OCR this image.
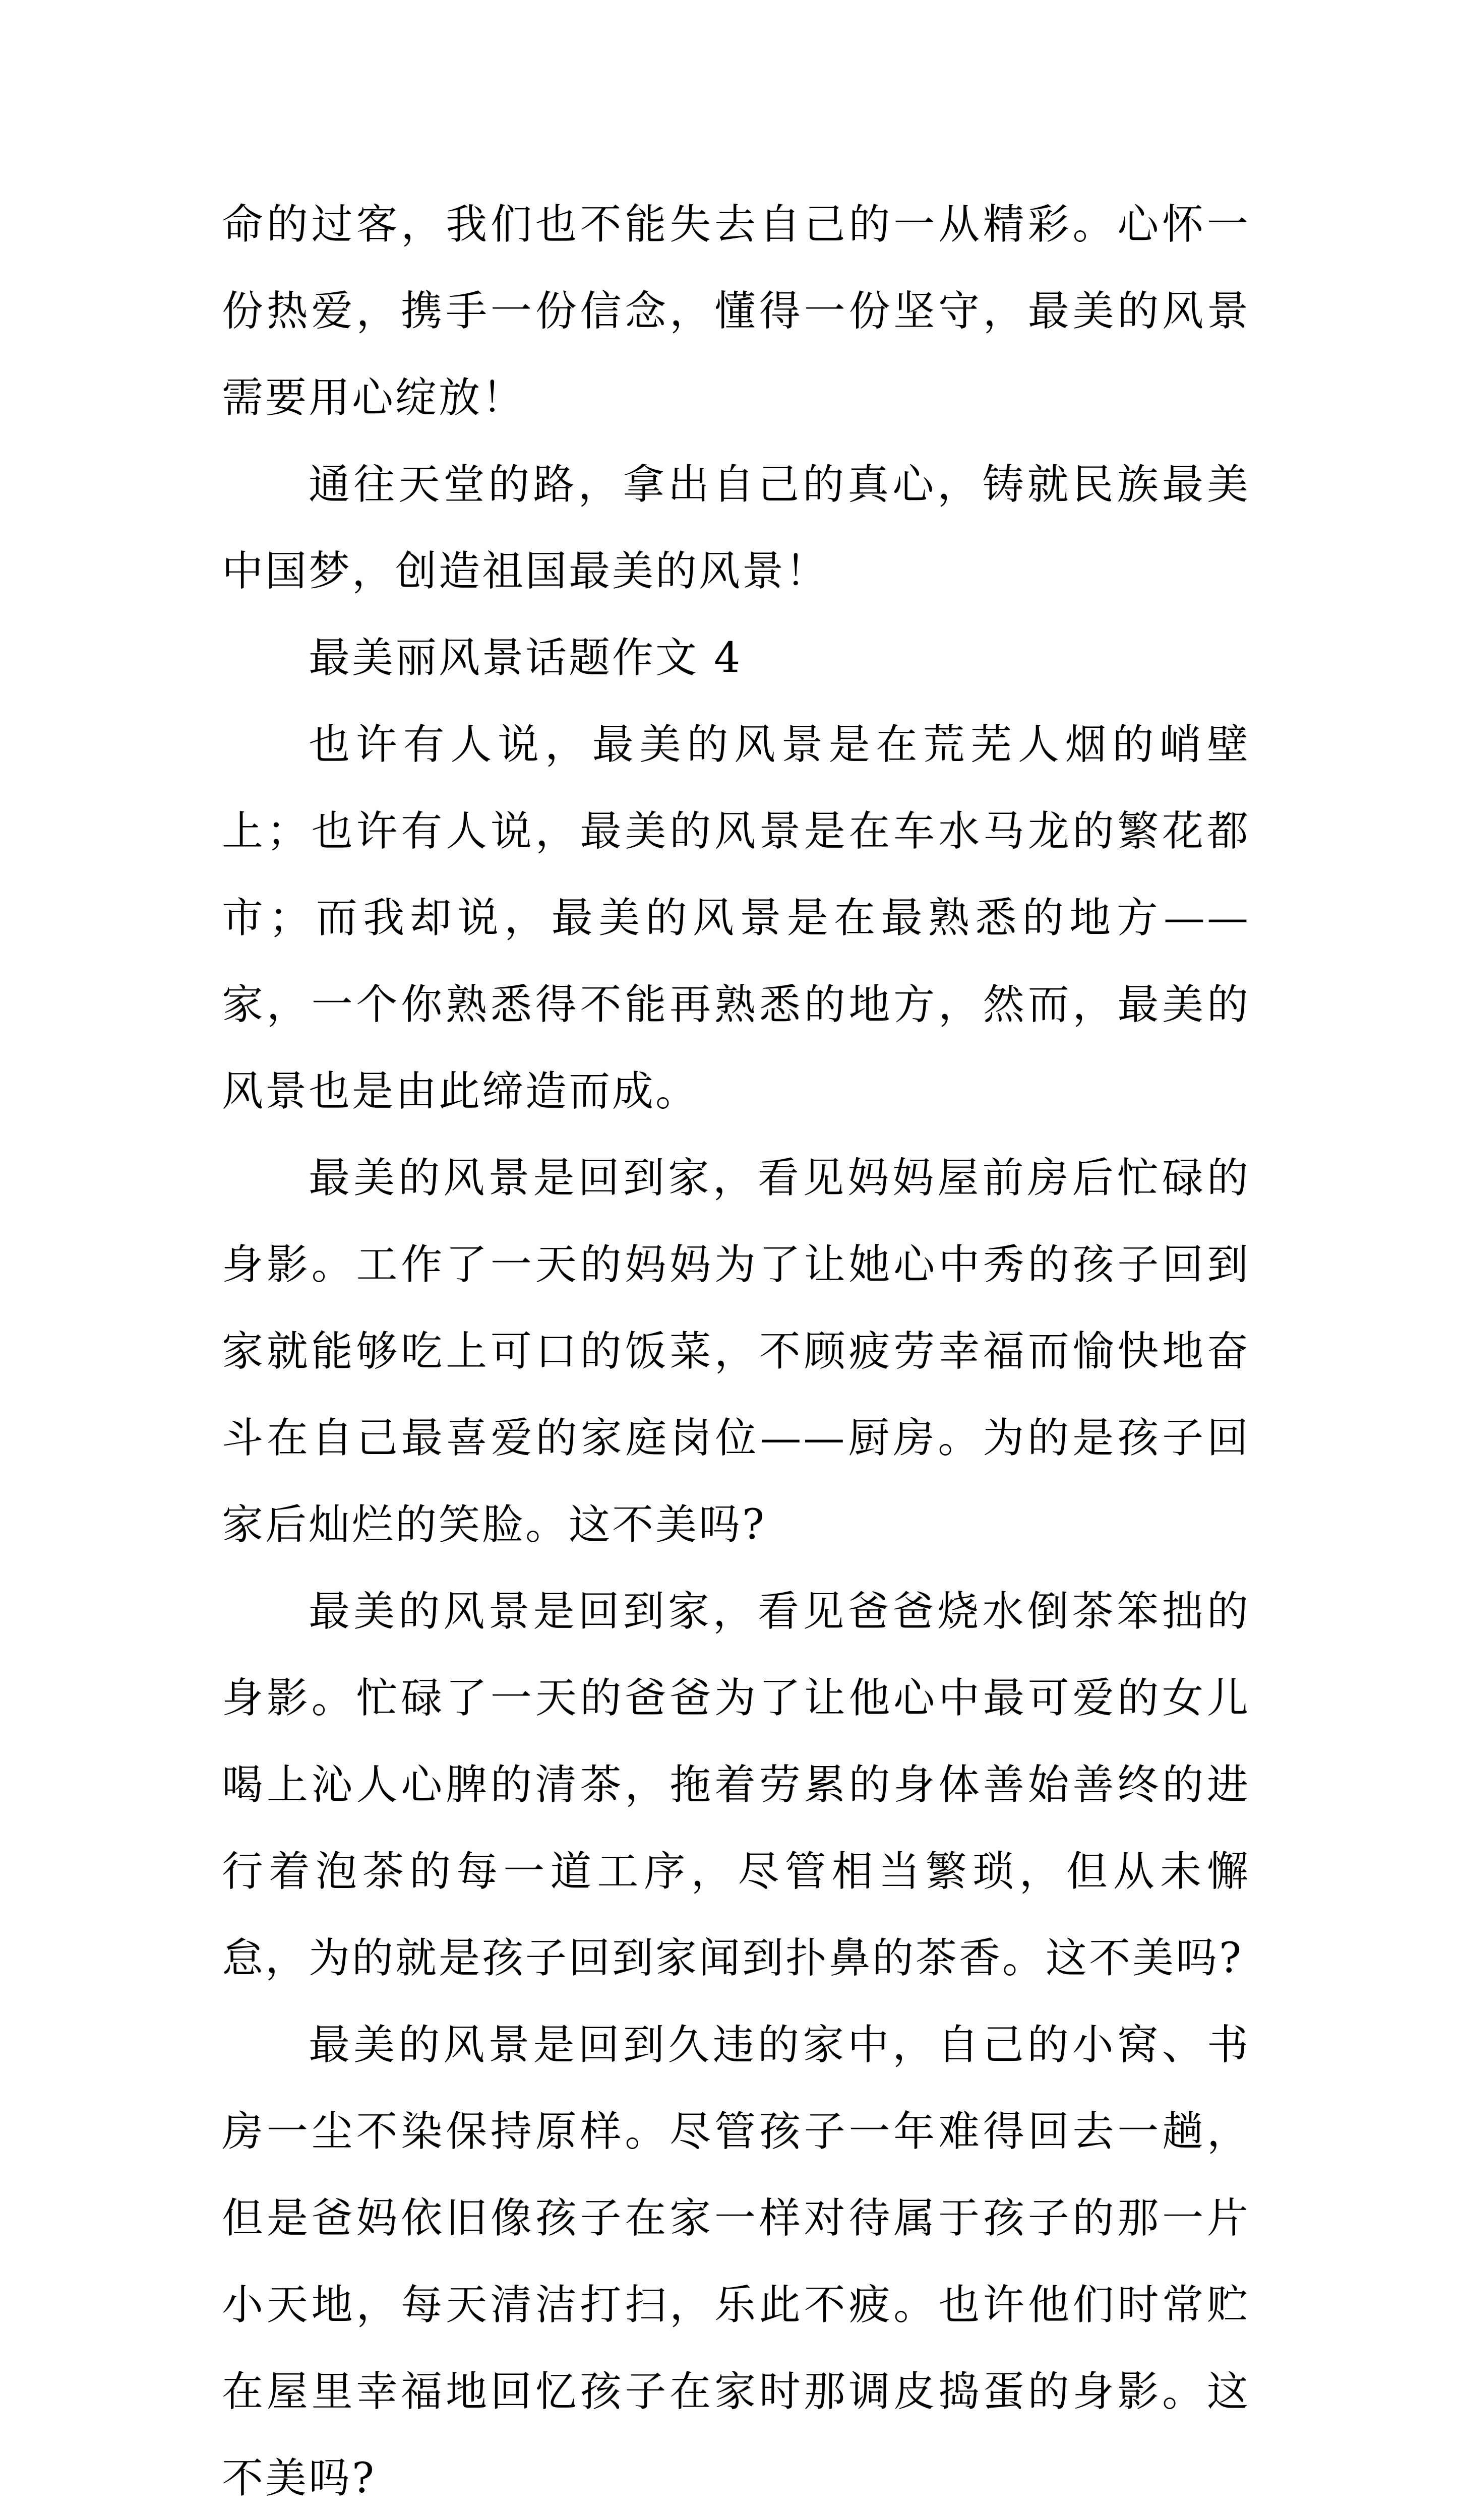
命的过客，我们也不能失去自己的一从精彩。心怀一份热爱，携手一份信念，懂得一份坚守，最美的风景需要用心绽放！

通往天堂的路，拿出自己的真心，铸就民族最美中国梦，创造祖国最美的风景！

最美丽风景话题作文 4

也许有人说，最美的风景是在荒芜人烟的峭壁上；也许有人说，最美的风景是在车水马龙的繁花都市；而我却说，最美的风景是在最熟悉的地方——家，一个你熟悉得不能再熟悉的地方，然而，最美的风景也是由此缔造而成。

最美的风景是回到家，看见妈妈屋前房后忙碌的身影。工作了一天的妈妈为了让她心中秀的孩子回到家就能够吃上可口的饭菜，不顾疲劳幸福而愉快地奋斗在自己最喜爱的家庭岗位——厨房。为的是孩子回家后灿烂的笑脸。这不美吗?

最美的风景是回到家，看见爸爸烧水倒茶笨拙的身影。忙碌了一天的爸爸为了让他心中最可爱的女儿喝上沁人心脾的清茶，拖着劳累的身体善始善终的进行着泡茶的每一道工序，尽管相当繁琐，但从未懈怠，为的就是孩子回到家闻到扑鼻的茶香。这不美吗?

最美的风景是回到久违的家中，自己的小窝、书房一尘不染保持原样。尽管孩子一年难得回去一趟，但是爸妈依旧像孩子在家一样对待属于孩子的那一片小天地，每天清洁打扫，乐此不疲。也许他们时常贮在屋里幸福地回忆孩子在家时那调皮捣蛋的身影。这不美吗?
